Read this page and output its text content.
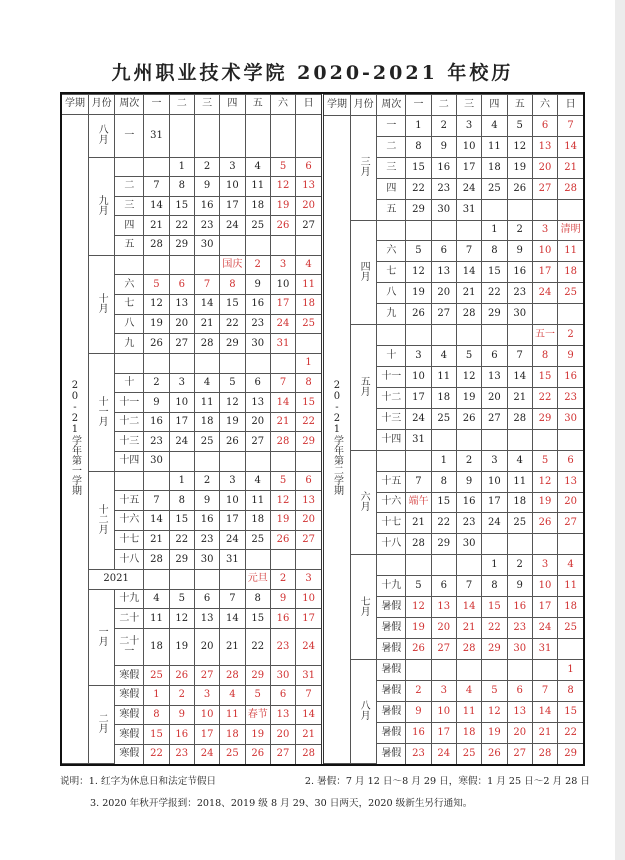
九州职业技术学院 2020-2021 年校历
学期	月份	周次	一	二	三	四	五	六	日
20-21学年第一学期	八月	一	31						
	九月			1	2	3	4	5	6
		二	7	8	9	10	11	12	13
		三	14	15	16	17	18	19	20
		四	21	22	23	24	25	26	27
		五	28	29	30				
	十月					国庆	2	3	4
		六	5	6	7	8	9	10	11
		七	12	13	14	15	16	17	18
		八	19	20	21	22	23	24	25
		九	26	27	28	29	30	31	
	十一月								1
		十	2	3	4	5	6	7	8
		十一	9	10	11	12	13	14	15
		十二	16	17	18	19	20	21	22
		十三	23	24	25	26	27	28	29
		十四	30						
	十二月			1	2	3	4	5	6
		十五	7	8	9	10	11	12	13
		十六	14	15	16	17	18	19	20
		十七	21	22	23	24	25	26	27
		十八	28	29	30	31			
	2021						元旦	2	3
	一月	十九	4	5	6	7	8	9	10
		二十	11	12	13	14	15	16	17
		二十一	18	19	20	21	22	23	24
		寒假	25	26	27	28	29	30	31
	二月	寒假	1	2	3	4	5	6	7
		寒假	8	9	10	11	春节	13	14
		寒假	15	16	17	18	19	20	21
		寒假	22	23	24	25	26	27	28
学期	月份	周次	一	二	三	四	五	六	日
20-21学年第二学期	三月	一	1	2	3	4	5	6	7
		二	8	9	10	11	12	13	14
		三	15	16	17	18	19	20	21
		四	22	23	24	25	26	27	28
		五	29	30	31				
	四月					1	2	3	清明
		六	5	6	7	8	9	10	11
		七	12	13	14	15	16	17	18
		八	19	20	21	22	23	24	25
		九	26	27	28	29	30		
	五月							五一	2
		十	3	4	5	6	7	8	9
		十一	10	11	12	13	14	15	16
		十二	17	18	19	20	21	22	23
		十三	24	25	26	27	28	29	30
		十四	31						
	六月			1	2	3	4	5	6
		十五	7	8	9	10	11	12	13
		十六	端午	15	16	17	18	19	20
		十七	21	22	23	24	25	26	27
		十八	28	29	30				
	七月					1	2	3	4
		十九	5	6	7	8	9	10	11
		暑假	12	13	14	15	16	17	18
		暑假	19	20	21	22	23	24	25
		暑假	26	27	28	29	30	31	
	八月	暑假							1
		暑假	2	3	4	5	6	7	8
		暑假	9	10	11	12	13	14	15
		暑假	16	17	18	19	20	21	22
		暑假	23	24	25	26	27	28	29
说明：1. 红字为休息日和法定节假日	2. 暑假：7 月 12 日～8 月 29 日，寒假：1 月 25 日～2 月 28 日
3. 2020 年秋开学报到：2018、2019 级 8 月 29、30 日两天，2020 级新生另行通知。
